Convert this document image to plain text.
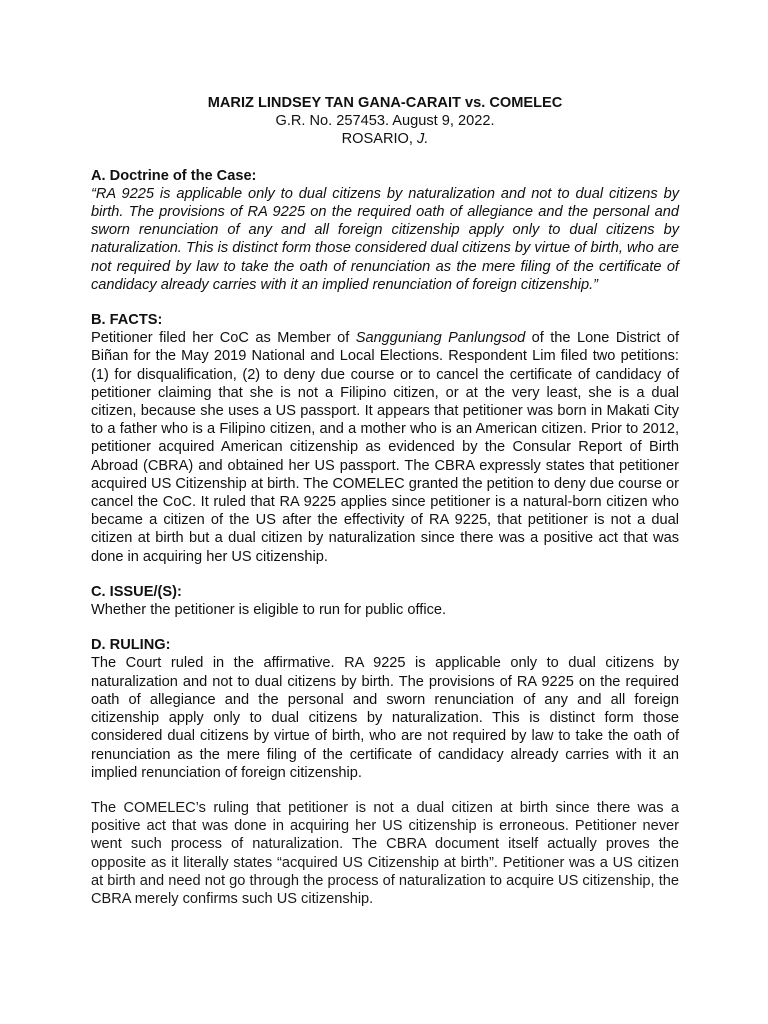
MARIZ LINDSEY TAN GANA-CARAIT vs. COMELEC
G.R. No. 257453. August 9, 2022.
ROSARIO, J.
A. Doctrine of the Case:

“RA 9225 is applicable only to dual citizens by naturalization and not to dual citizens by birth. The provisions of RA 9225 on the required oath of allegiance and the personal and sworn renunciation of any and all foreign citizenship apply only to dual citizens by naturalization. This is distinct form those considered dual citizens by virtue of birth, who are not required by law to take the oath of renunciation as the mere filing of the certificate of candidacy already carries with it an implied renunciation of foreign citizenship.”

B. FACTS:

Petitioner filed her CoC as Member of Sangguniang Panlungsod of the Lone District of Biñan for the May 2019 National and Local Elections. Respondent Lim filed two petitions: (1) for disqualification, (2) to deny due course or to cancel the certificate of candidacy of petitioner claiming that she is not a Filipino citizen, or at the very least, she is a dual citizen, because she uses a US passport. It appears that petitioner was born in Makati City to a father who is a Filipino citizen, and a mother who is an American citizen. Prior to 2012, petitioner acquired American citizenship as evidenced by the Consular Report of Birth Abroad (CBRA) and obtained her US passport. The CBRA expressly states that petitioner acquired US Citizenship at birth. The COMELEC granted the petition to deny due course or cancel the CoC. It ruled that RA 9225 applies since petitioner is a natural-born citizen who became a citizen of the US after the effectivity of RA 9225, that petitioner is not a dual citizen at birth but a dual citizen by naturalization since there was a positive act that was done in acquiring her US citizenship.

C. ISSUE/(S):

Whether the petitioner is eligible to run for public office.

D. RULING:

The Court ruled in the affirmative. RA 9225 is applicable only to dual citizens by naturalization and not to dual citizens by birth. The provisions of RA 9225 on the required oath of allegiance and the personal and sworn renunciation of any and all foreign citizenship apply only to dual citizens by naturalization. This is distinct form those considered dual citizens by virtue of birth, who are not required by law to take the oath of renunciation as the mere filing of the certificate of candidacy already carries with it an implied renunciation of foreign citizenship.

The COMELEC’s ruling that petitioner is not a dual citizen at birth since there was a positive act that was done in acquiring her US citizenship is erroneous. Petitioner never went such process of naturalization. The CBRA document itself actually proves the opposite as it literally states “acquired US Citizenship at birth”. Petitioner was a US citizen at birth and need not go through the process of naturalization to acquire US citizenship, the CBRA merely confirms such US citizenship.
